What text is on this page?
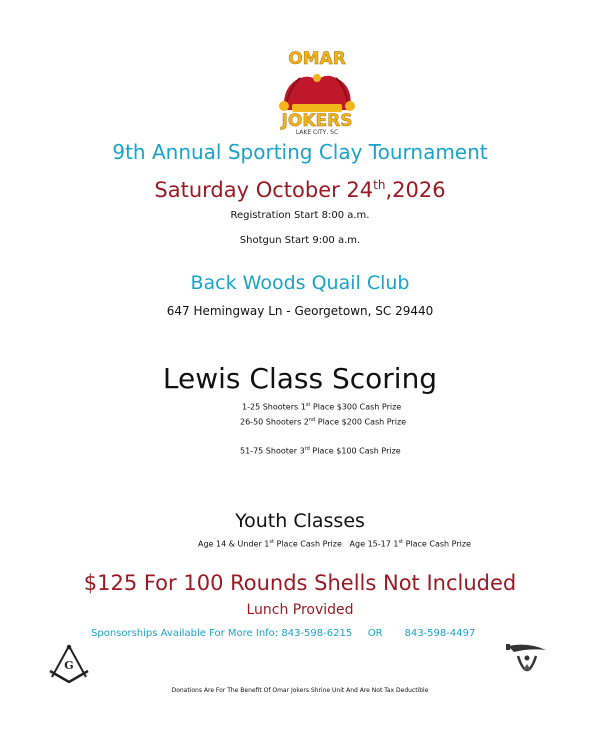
OMAR
JOKERS
LAKE CITY, SC
9th Annual Sporting Clay Tournament
Saturday October 24th,2026
Registration Start 8:00 a.m.
Shotgun Start 9:00 a.m.
Back Woods Quail Club
647 Hemingway Ln - Georgetown, SC 29440
Lewis Class Scoring
1-25 Shooters 1st Place $300 Cash Prize
26-50 Shooters 2nd Place $200 Cash Prize
51-75 Shooter 3rd Place $100 Cash Prize
Youth Classes
Age 14 & Under 1st Place Cash Prize Age 15-17 1st Place Cash Prize
$125 For 100 Rounds Shells Not Included
Lunch Provided
Sponsorships Available For More Info: 843-598-6215 OR 843-598-4497
G
Donations Are For The Benefit Of Omar Jokers Shrine Unit And Are Not Tax Deductible
